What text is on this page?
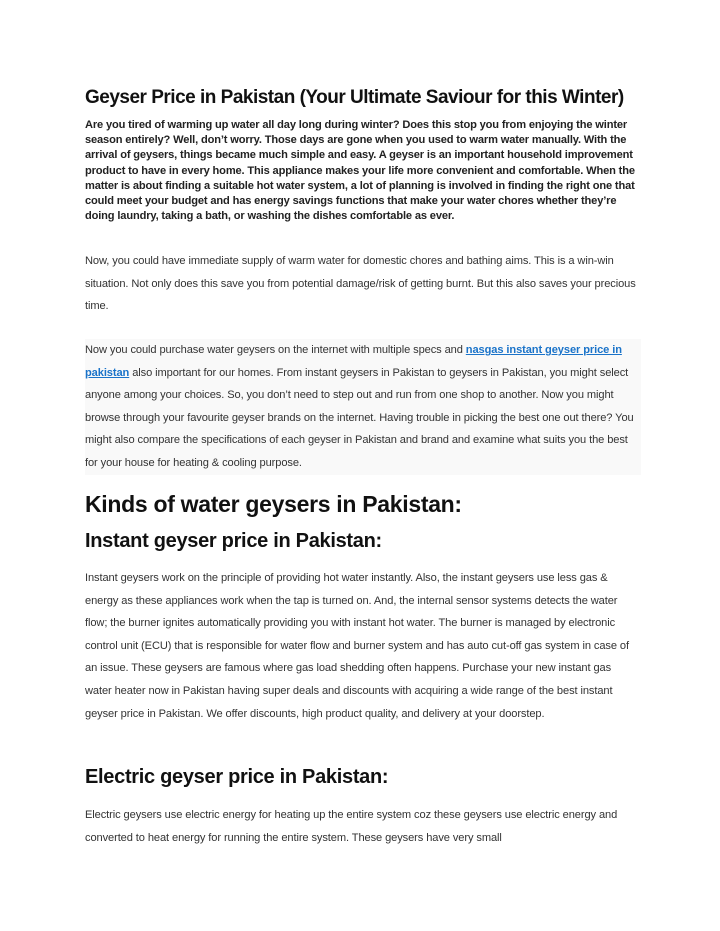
Geyser Price in Pakistan (Your Ultimate Saviour for this Winter)

Are you tired of warming up water all day long during winter? Does this stop you from enjoying the winter season entirely? Well, don’t worry. Those days are gone when you used to warm water manually. With the arrival of geysers, things became much simple and easy. A geyser is an important household improvement product to have in every home. This appliance makes your life more convenient and comfortable. When the matter is about finding a suitable hot water system, a lot of planning is involved in finding the right one that could meet your budget and has energy savings functions that make your water chores whether they’re doing laundry, taking a bath, or washing the dishes comfortable as ever.

Now, you could have immediate supply of warm water for domestic chores and bathing aims. This is a win-win situation. Not only does this save you from potential damage/risk of getting burnt. But this also saves your precious time.

Now you could purchase water geysers on the internet with multiple specs and nasgas instant geyser price in pakistan also important for our homes. From instant geysers in Pakistan to geysers in Pakistan, you might select anyone among your choices. So, you don’t need to step out and run from one shop to another. Now you might browse through your favourite geyser brands on the internet. Having trouble in picking the best one out there? You might also compare the specifications of each geyser in Pakistan and brand and examine what suits you the best for your house for heating & cooling purpose.

Kinds of water geysers in Pakistan:
Instant geyser price in Pakistan:

Instant geysers work on the principle of providing hot water instantly. Also, the instant geysers use less gas & energy as these appliances work when the tap is turned on. And, the internal sensor systems detects the water flow; the burner ignites automatically providing you with instant hot water. The burner is managed by electronic control unit (ECU) that is responsible for water flow and burner system and has auto cut-off gas system in case of an issue. These geysers are famous where gas load shedding often happens. Purchase your new instant gas water heater now in Pakistan having super deals and discounts with acquiring a wide range of the best instant geyser price in Pakistan. We offer discounts, high product quality, and delivery at your doorstep.

Electric geyser price in Pakistan:

Electric geysers use electric energy for heating up the entire system coz these geysers use electric energy and converted to heat energy for running the entire system. These geysers have very small
